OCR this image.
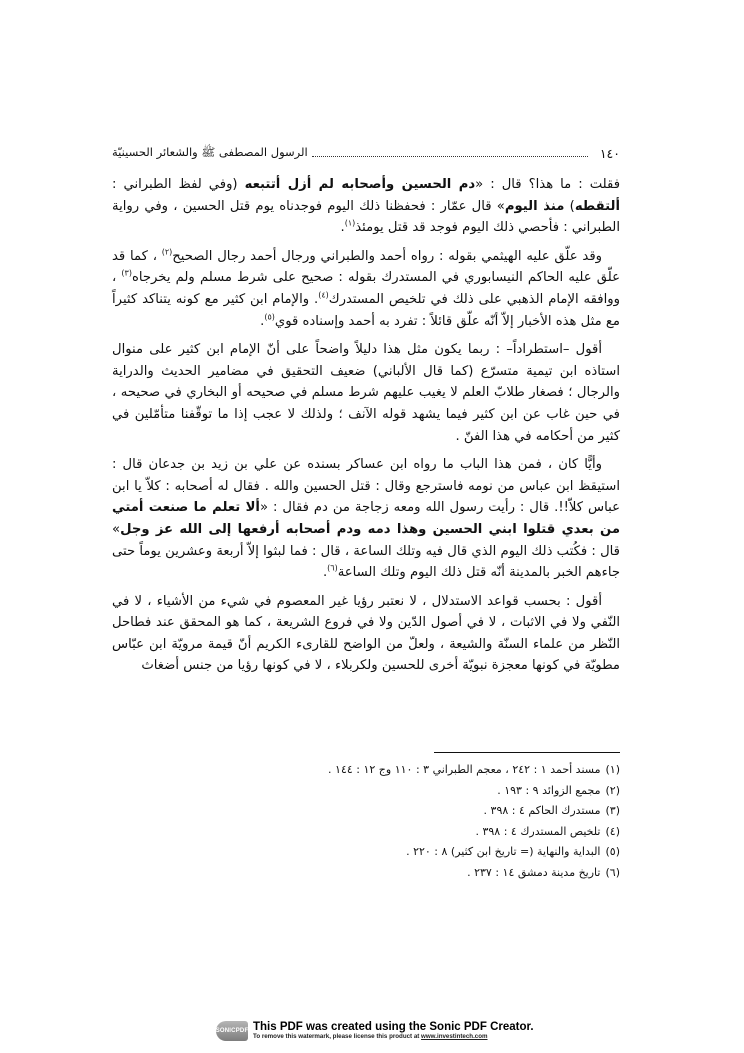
١٤٠
الرسول المصطفى ﷺ والشعائر الحسينيّة

فقلت : ما هذا؟ قال : «دم الحسين وأصحابه لم أزل أتتبعه (وفي لفظ الطبراني : ألتقطه) منذ اليوم» قال عمّار : فحفظنا ذلك اليوم فوجدناه يوم قتل الحسين ، وفي رواية الطبراني : فأحصي ذلك اليوم فوجد قد قتل يومئذ$^{(١)}$.

وقد علّق عليه الهيثمي بقوله : رواه أحمد والطبراني ورجال أحمد رجال الصحيح$^{(٢)}$ ، كما قد علّق عليه الحاكم النيسابوري في المستدرك بقوله : صحيح على شرط مسلم ولم يخرجاه$^{(٣)}$ ، ووافقه الإمام الذهبي على ذلك في تلخيص المستدرك$^{(٤)}$. والإمام ابن كثير مع كونه يتناكد كثيراً مع مثل هذه الأخبار إلاّ أنّه علّق قائلاً : تفرد به أحمد وإسناده قوي$^{(٥)}$.

أقول –استطراداً– : ربما يكون مثل هذا دليلاً واضحاً على أنّ الإمام ابن كثير على منوال استاذه ابن تيمية متسرّع (كما قال الألباني) ضعيف التحقيق في مضامير الحديث والدراية والرجال ؛ فصغار طلابّ العلم لا يغيب عليهم شرط مسلم في صحيحه أو البخاري في صحيحه ، في حين غاب عن ابن كثير فيما يشهد قوله الآنف ؛ ولذلك لا عجب إذا ما توقّفنا متأمّلين في كثير من أحكامه في هذا الفنّ .

وأيًّا كان ، فمن هذا الباب ما رواه ابن عساكر بسنده عن علي بن زيد بن جدعان قال : استيقظ ابن عباس من نومه فاسترجع وقال : قتل الحسين والله . فقال له أصحابه : كلاّ يا ابن عباس كلاّ!!. قال : رأيت رسول الله ومعه زجاجة من دم فقال : «ألا تعلم ما صنعت أمتي من بعدي قتلوا ابني الحسين وهذا دمه ودم أصحابه أرفعها إلى الله عز وجل» قال : فكُتب ذلك اليوم الذي قال فيه وتلك الساعة ، قال : فما لبثوا إلاّ أربعة وعشرين يوماً حتى جاءهم الخبر بالمدينة أنّه قتل ذلك اليوم وتلك الساعة$^{(٦)}$.

أقول : بحسب قواعد الاستدلال ، لا نعتبر رؤيا غير المعصوم في شيء من الأشياء ، لا في النّفي ولا في الاثبات ، لا في أصول الدّين ولا في فروع الشريعة ، كما هو المحقق عند فطاحل النّظر من علماء السنّة والشيعة ، ولعلّ من الواضح للقارىء الكريم أنّ قيمة مرويّة ابن عبّاس مطويّة في كونها معجزة نبويّة أخرى للحسين ولكربلاء ، لا في كونها رؤيا من جنس أضغاث

(١)مسند أحمد ١ : ٢٤٢ ، معجم الطبراني ٣ : ١١٠ وج ١٢ : ١٤٤ .
(٢)مجمع الزوائد ٩ : ١٩٣ .
(٣)مستدرك الحاكم ٤ : ٣٩٨ .
(٤)تلخيص المستدرك ٤ : ٣٩٨ .
(٥)البداية والنهاية (= تاريخ ابن كثير) ٨ : ٢٢٠ .
(٦)تاريخ مدينة دمشق ١٤ : ٢٣٧ .
SONICPDF This PDF was created using the Sonic PDF Creator.
To remove this watermark, please license this product at www.investintech.com
